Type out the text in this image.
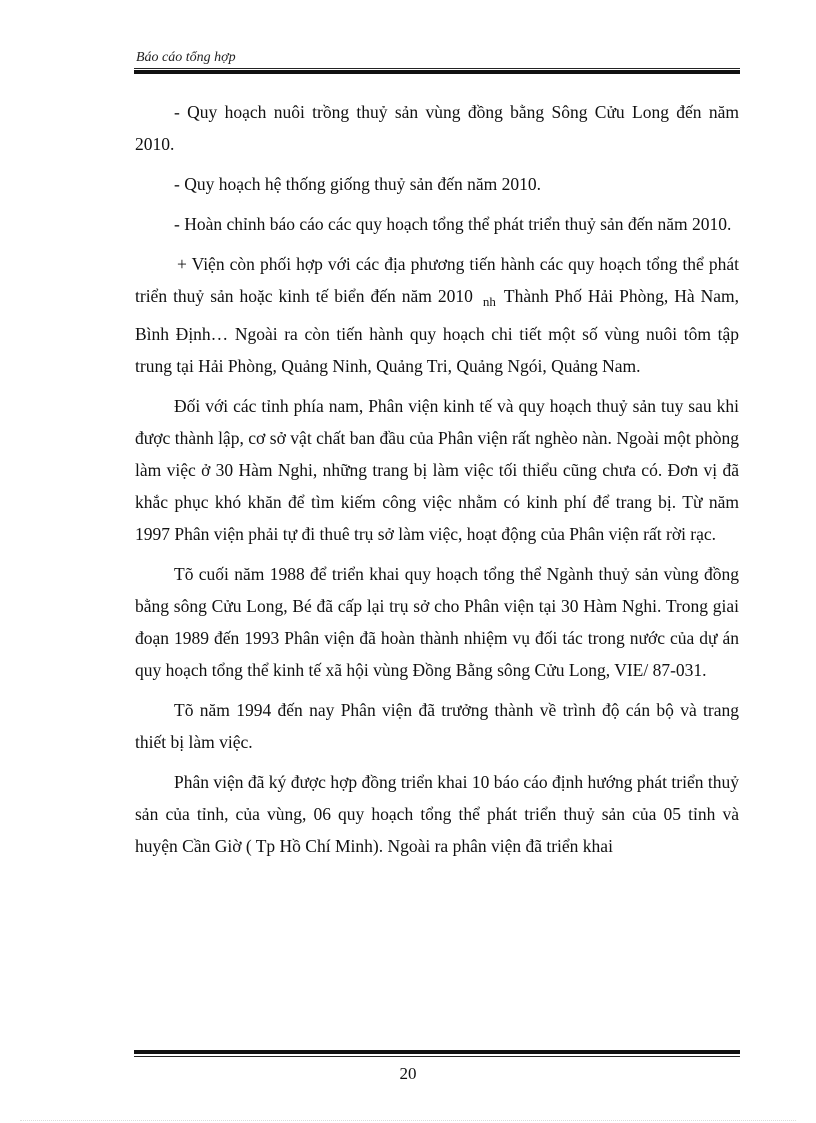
Báo cáo tổng hợp

- Quy hoạch nuôi trồng thuỷ sản vùng đồng bằng Sông Cửu Long đến năm 2010.

- Quy hoạch hệ thống giống thuỷ sản đến năm 2010.

- Hoàn chỉnh báo cáo các quy hoạch tổng thể phát triển thuỷ sản đến năm 2010.

+ Viện còn phối hợp với các địa phương tiến hành các quy hoạch tổng thể phát triển thuỷ sản hoặc kinh tế biển đến năm 2010 $_{nh}$ Thành Phố Hải Phòng, Hà Nam, Bình Định… Ngoài ra còn tiến hành quy hoạch chi tiết một số vùng nuôi tôm tập trung tại Hải Phòng, Quảng Ninh, Quảng Tri, Quảng Ngói, Quảng Nam.

Đối với các tỉnh phía nam, Phân viện kinh tế và quy hoạch thuỷ sản tuy sau khi được thành lập, cơ sở vật chất ban đầu của Phân viện rất nghèo nàn. Ngoài một phòng làm việc ở 30 Hàm Nghi, những trang bị làm việc tối thiểu cũng chưa có. Đơn vị đã khắc phục khó khăn để tìm kiếm công việc nhằm có kinh phí để trang bị. Từ năm 1997 Phân viện phải tự đi thuê trụ sở làm việc, hoạt động của Phân viện rất rời rạc.

Tõ cuối năm 1988 để triển khai quy hoạch tổng thể Ngành thuỷ sản vùng đồng bằng sông Cửu Long, Bé đã cấp lại trụ sở cho Phân viện tại 30 Hàm Nghi. Trong giai đoạn 1989 đến 1993 Phân viện đã hoàn thành nhiệm vụ đối tác trong nước của dự án quy hoạch tổng thể kinh tế xã hội vùng Đồng Bằng sông Cửu Long, VIE/ 87-031.

Tõ năm 1994 đến nay Phân viện đã trưởng thành về trình độ cán bộ và trang thiết bị làm việc.

Phân viện đã ký được hợp đồng triển khai 10 báo cáo định hướng phát triển thuỷ sản của tỉnh, của vùng, 06 quy hoạch tổng thể phát triển thuỷ sản của 05 tỉnh và huyện Cần Giờ ( Tp Hồ Chí Minh). Ngoài ra phân viện đã triển khai

20
